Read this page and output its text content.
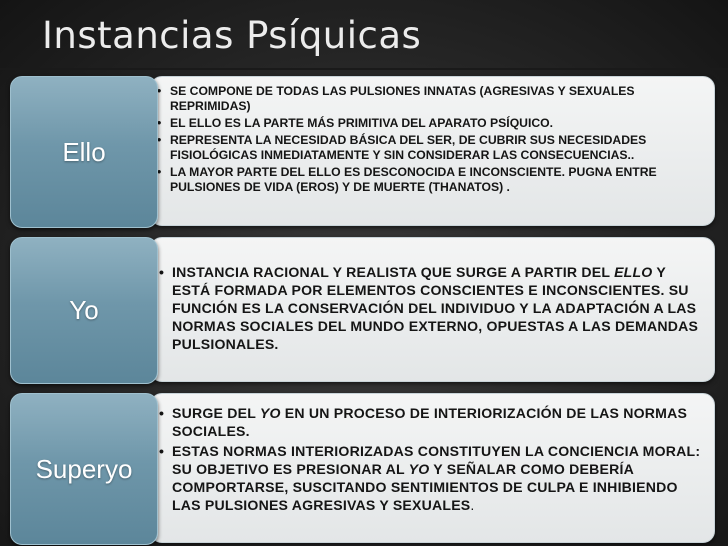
Instancias Psíquicas
• SE COMPONE DE TODAS LAS PULSIONES INNATAS (AGRESIVAS Y SEXUALES REPRIMIDAS)
• EL ELLO ES LA PARTE MÁS PRIMITIVA DEL APARATO PSÍQUICO.
• REPRESENTA LA NECESIDAD BÁSICA DEL SER, DE CUBRIR SUS NECESIDADES FISIOLÓGICAS INMEDIATAMENTE Y SIN CONSIDERAR LAS CONSECUENCIAS..
• LA MAYOR PARTE DEL ELLO ES DESCONOCIDA E INCONSCIENTE. PUGNA ENTRE PULSIONES DE VIDA (EROS) Y DE MUERTE (THANATOS) .
Ello
• INSTANCIA RACIONAL Y REALISTA QUE SURGE A PARTIR DEL ELLO Y ESTÁ FORMADA POR ELEMENTOS CONSCIENTES E INCONSCIENTES. SU FUNCIÓN ES LA CONSERVACIÓN DEL INDIVIDUO Y LA ADAPTACIÓN A LAS NORMAS SOCIALES DEL MUNDO EXTERNO, OPUESTAS A LAS DEMANDAS PULSIONALES.
Yo
• SURGE DEL YO EN UN PROCESO DE INTERIORIZACIÓN DE LAS NORMAS SOCIALES.
• ESTAS NORMAS INTERIORIZADAS CONSTITUYEN LA CONCIENCIA MORAL: SU OBJETIVO ES PRESIONAR AL YO Y SEÑALAR COMO DEBERÍA COMPORTARSE, SUSCITANDO SENTIMIENTOS DE CULPA E INHIBIENDO LAS PULSIONES AGRESIVAS Y SEXUALES.
Superyo
